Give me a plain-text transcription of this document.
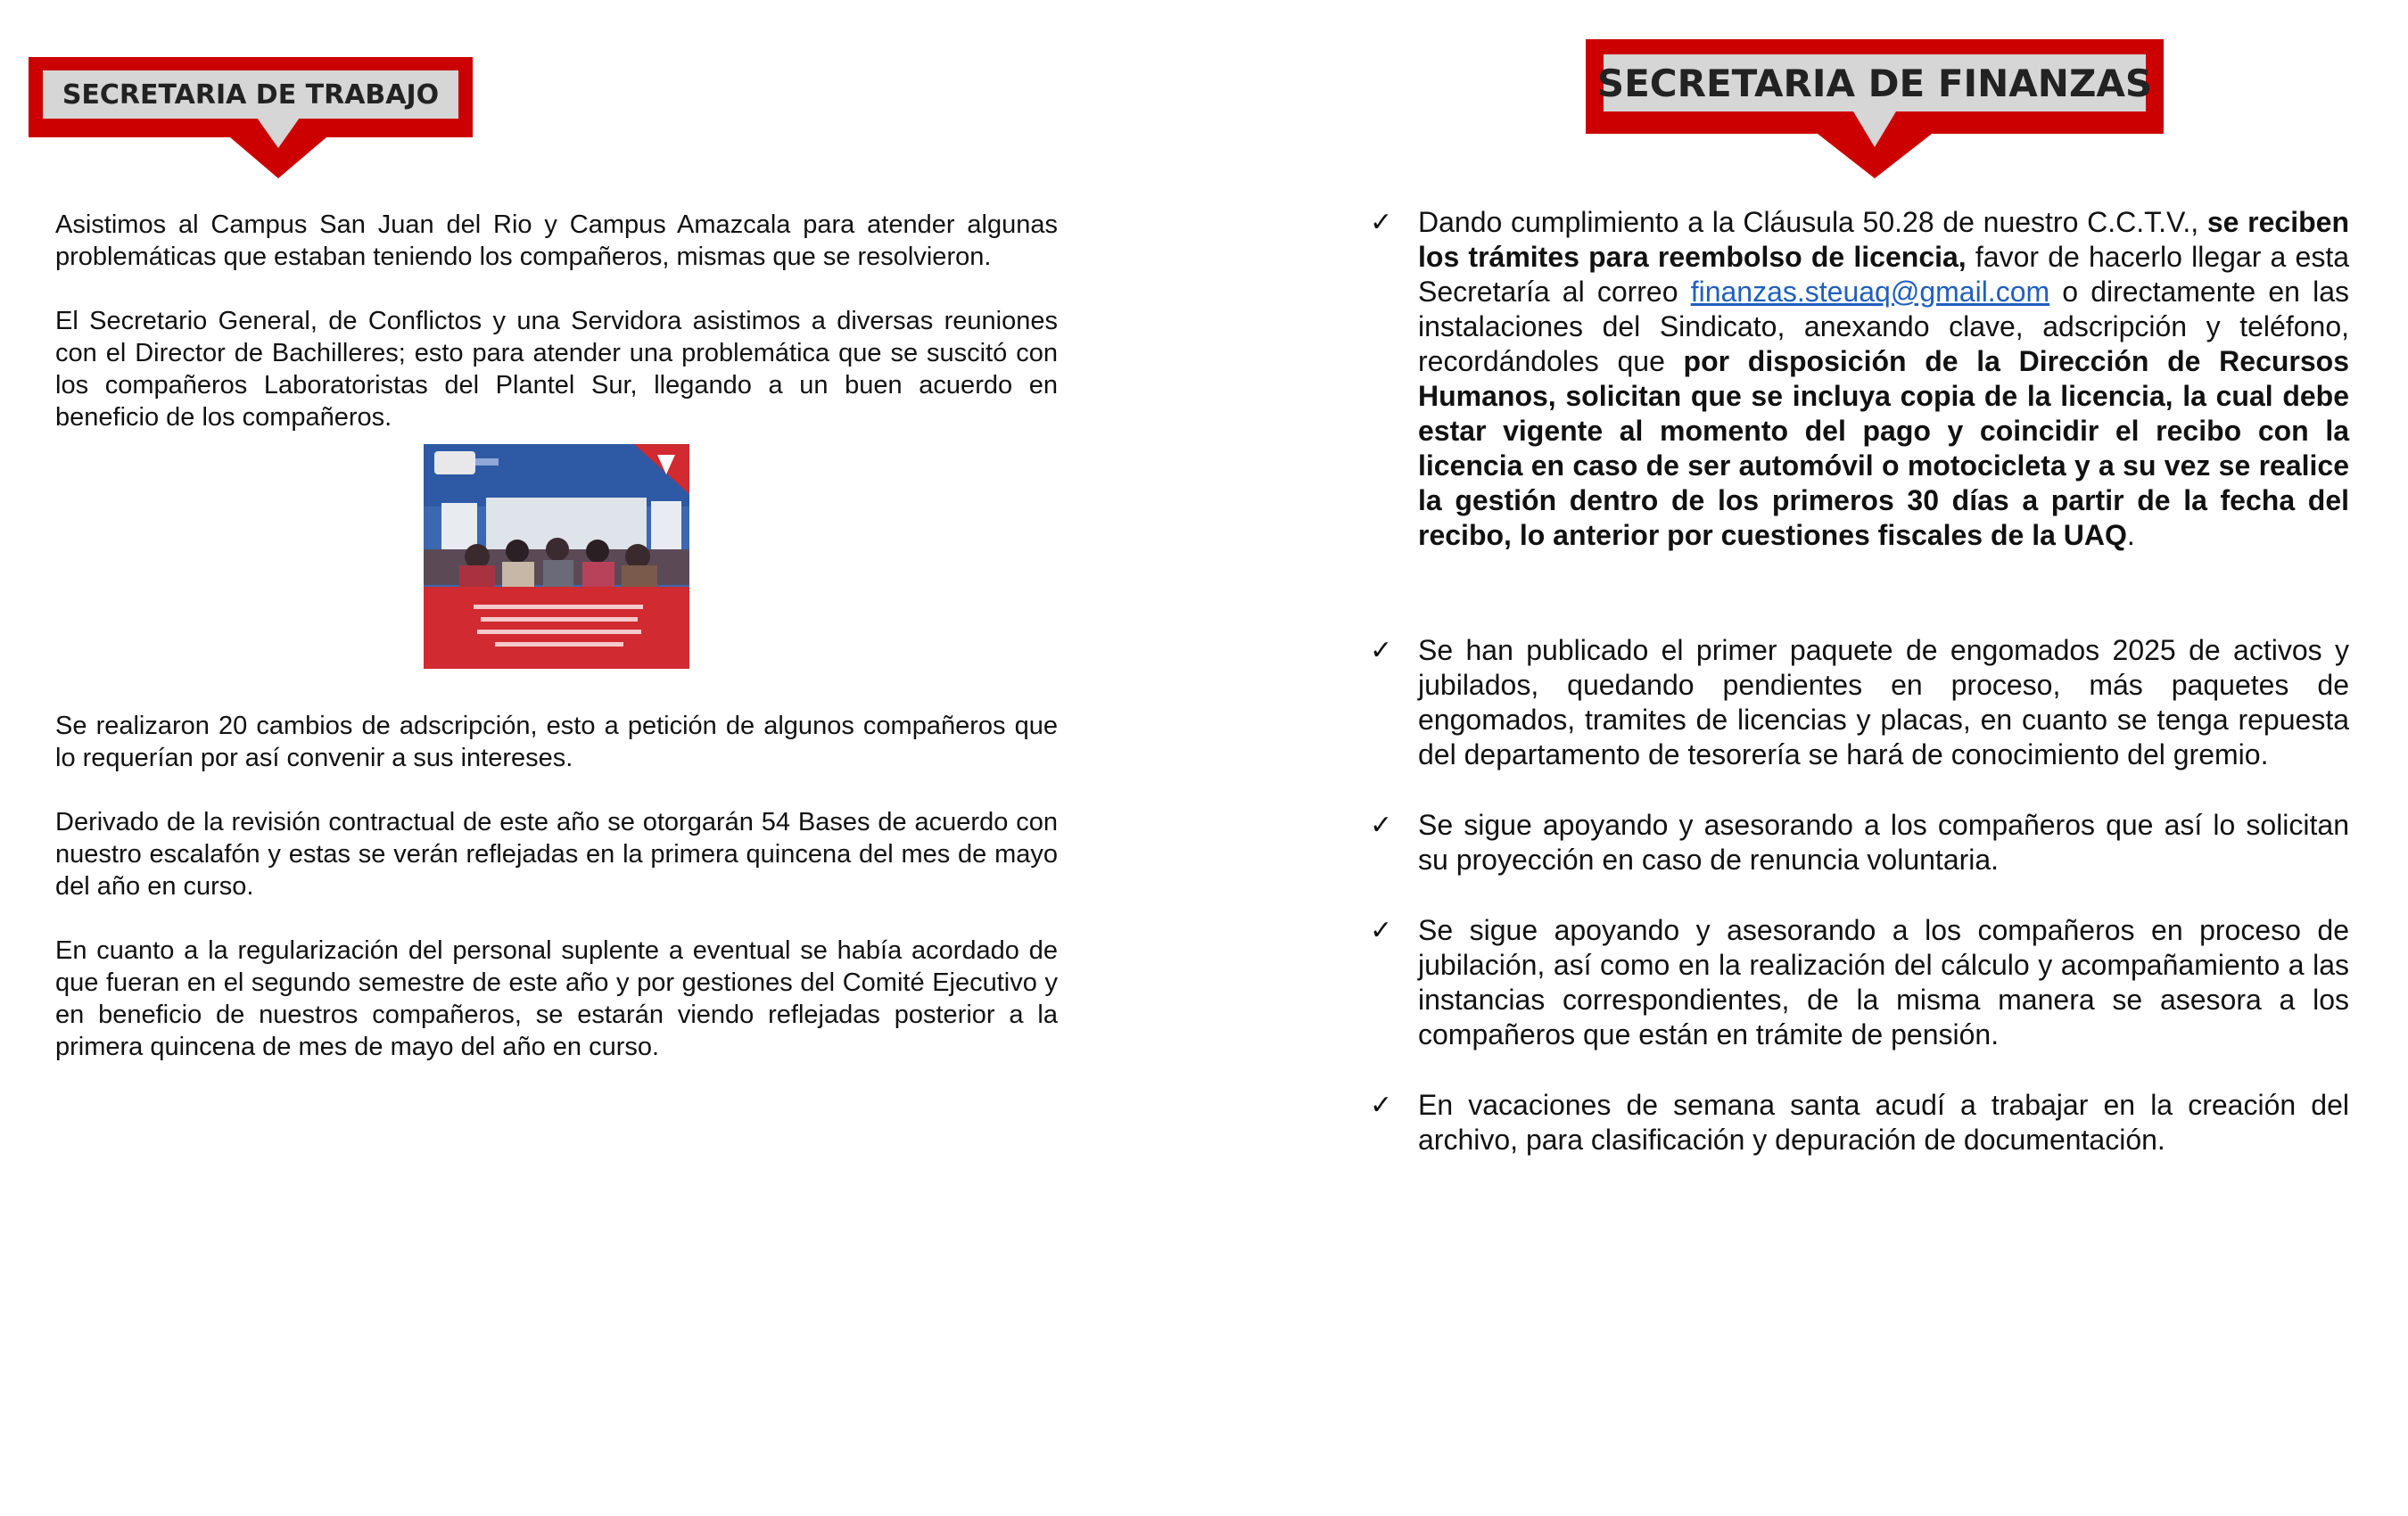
SECRETARIA DE TRABAJO	SECRETARIA DE FINANZAS

Asistimos al Campus San Juan del Rio y Campus Amazcala para atender algunas problemáticas que estaban teniendo los compañeros, mismas que se resolvieron.

El Secretario General, de Conflictos y una Servidora asistimos a diversas reuniones con el Director de Bachilleres; esto para atender una problemática que se suscitó con los compañeros Laboratoristas del Plantel Sur, llegando a un buen acuerdo en beneficio de los compañeros.

Se realizaron 20 cambios de adscripción, esto a petición de algunos compañeros que lo requerían por así convenir a sus intereses.

Derivado de la revisión contractual de este año se otorgarán 54 Bases de acuerdo con nuestro escalafón y estas se verán reflejadas en la primera quincena del mes de mayo del año en curso.

En cuanto a la regularización del personal suplente a eventual se había acordado de que fueran en el segundo semestre de este año y por gestiones del Comité Ejecutivo y en beneficio de nuestros compañeros, se estarán viendo reflejadas posterior a la primera quincena de mes de mayo del año en curso.

✓ Dando cumplimiento a la Cláusula 50.28 de nuestro C.C.T.V., se reciben los trámites para reembolso de licencia, favor de hacerlo llegar a esta Secretaría al correo finanzas.steuaq@gmail.com o directamente en las instalaciones del Sindicato, anexando clave, adscripción y teléfono, recordándoles que por disposición de la Dirección de Recursos Humanos, solicitan que se incluya copia de la licencia, la cual debe estar vigente al momento del pago y coincidir el recibo con la licencia en caso de ser automóvil o motocicleta y a su vez se realice la gestión dentro de los primeros 30 días a partir de la fecha del recibo, lo anterior por cuestiones fiscales de la UAQ.
✓ Se han publicado el primer paquete de engomados 2025 de activos y jubilados, quedando pendientes en proceso, más paquetes de engomados, tramites de licencias y placas, en cuanto se tenga repuesta del departamento de tesorería se hará de conocimiento del gremio.
✓ Se sigue apoyando y asesorando a los compañeros que así lo solicitan su proyección en caso de renuncia voluntaria.
✓ Se sigue apoyando y asesorando a los compañeros en proceso de jubilación, así como en la realización del cálculo y acompañamiento a las instancias correspondientes, de la misma manera se asesora a los compañeros que están en trámite de pensión.
✓ En vacaciones de semana santa acudí a trabajar en la creación del archivo, para clasificación y depuración de documentación.
